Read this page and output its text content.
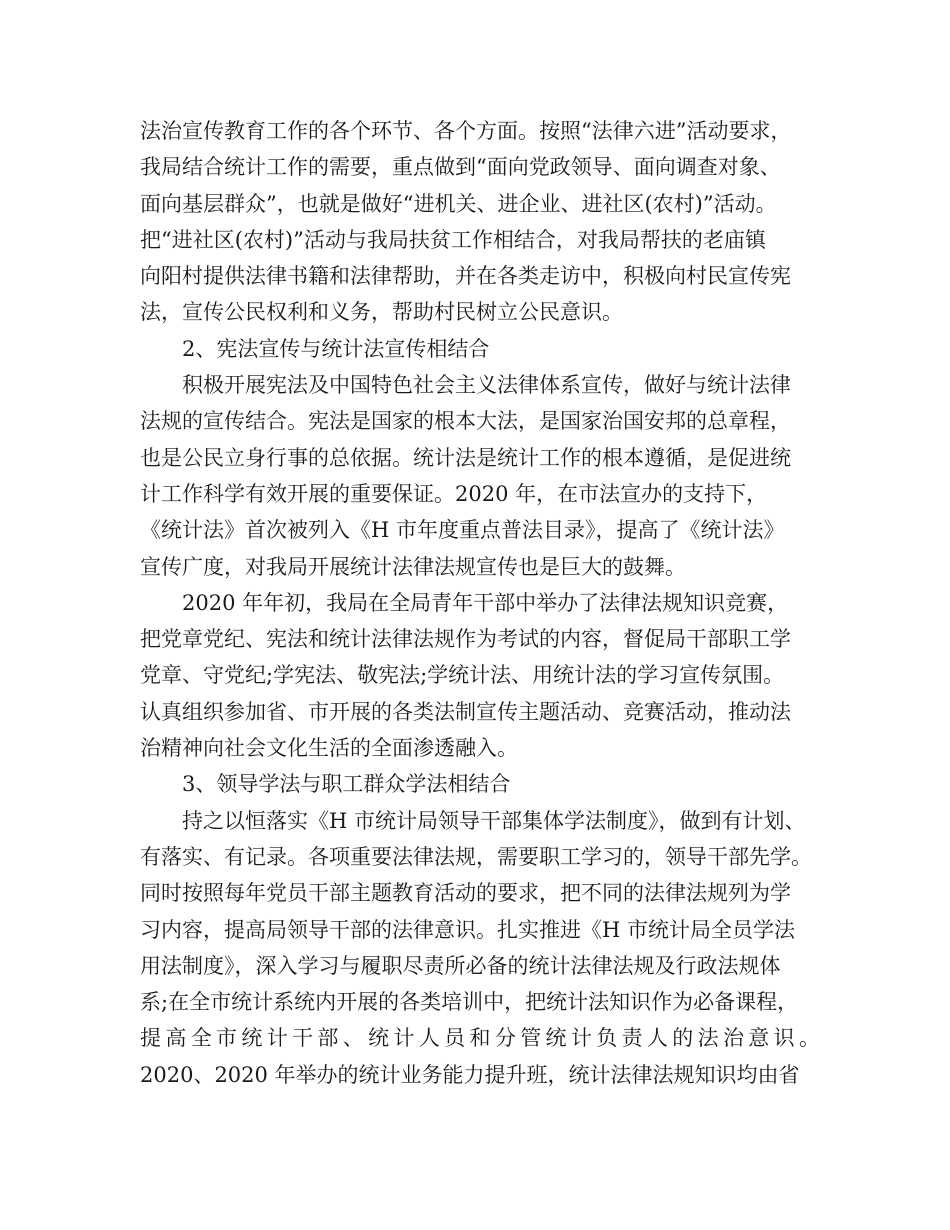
法治宣传教育工作的各个环节、各个方面。按照“法律六进”活动要求，
我局结合统计工作的需要，重点做到“面向党政领导、面向调查对象、
面向基层群众”，也就是做好“进机关、进企业、进社区(农村)”活动。
把“进社区(农村)”活动与我局扶贫工作相结合，对我局帮扶的老庙镇
向阳村提供法律书籍和法律帮助，并在各类走访中，积极向村民宣传宪
法，宣传公民权利和义务，帮助村民树立公民意识。
2、宪法宣传与统计法宣传相结合
积极开展宪法及中国特色社会主义法律体系宣传，做好与统计法律
法规的宣传结合。宪法是国家的根本大法，是国家治国安邦的总章程，
也是公民立身行事的总依据。统计法是统计工作的根本遵循，是促进统
计工作科学有效开展的重要保证。2020 年，在市法宣办的支持下，
《统计法》首次被列入《H 市年度重点普法目录》，提高了《统计法》
宣传广度，对我局开展统计法律法规宣传也是巨大的鼓舞。
2020 年年初，我局在全局青年干部中举办了法律法规知识竞赛，
把党章党纪、宪法和统计法律法规作为考试的内容，督促局干部职工学
党章、守党纪;学宪法、敬宪法;学统计法、用统计法的学习宣传氛围。
认真组织参加省、市开展的各类法制宣传主题活动、竞赛活动，推动法
治精神向社会文化生活的全面渗透融入。
3、领导学法与职工群众学法相结合
持之以恒落实《H 市统计局领导干部集体学法制度》，做到有计划、
有落实、有记录。各项重要法律法规，需要职工学习的，领导干部先学。
同时按照每年党员干部主题教育活动的要求，把不同的法律法规列为学
习内容，提高局领导干部的法律意识。扎实推进《H 市统计局全员学法
用法制度》，深入学习与履职尽责所必备的统计法律法规及行政法规体
系;在全市统计系统内开展的各类培训中，把统计法知识作为必备课程，
提高全市统计干部、统计人员和分管统计负责人的法治意识。
2020、2020 年举办的统计业务能力提升班，统计法律法规知识均由省
